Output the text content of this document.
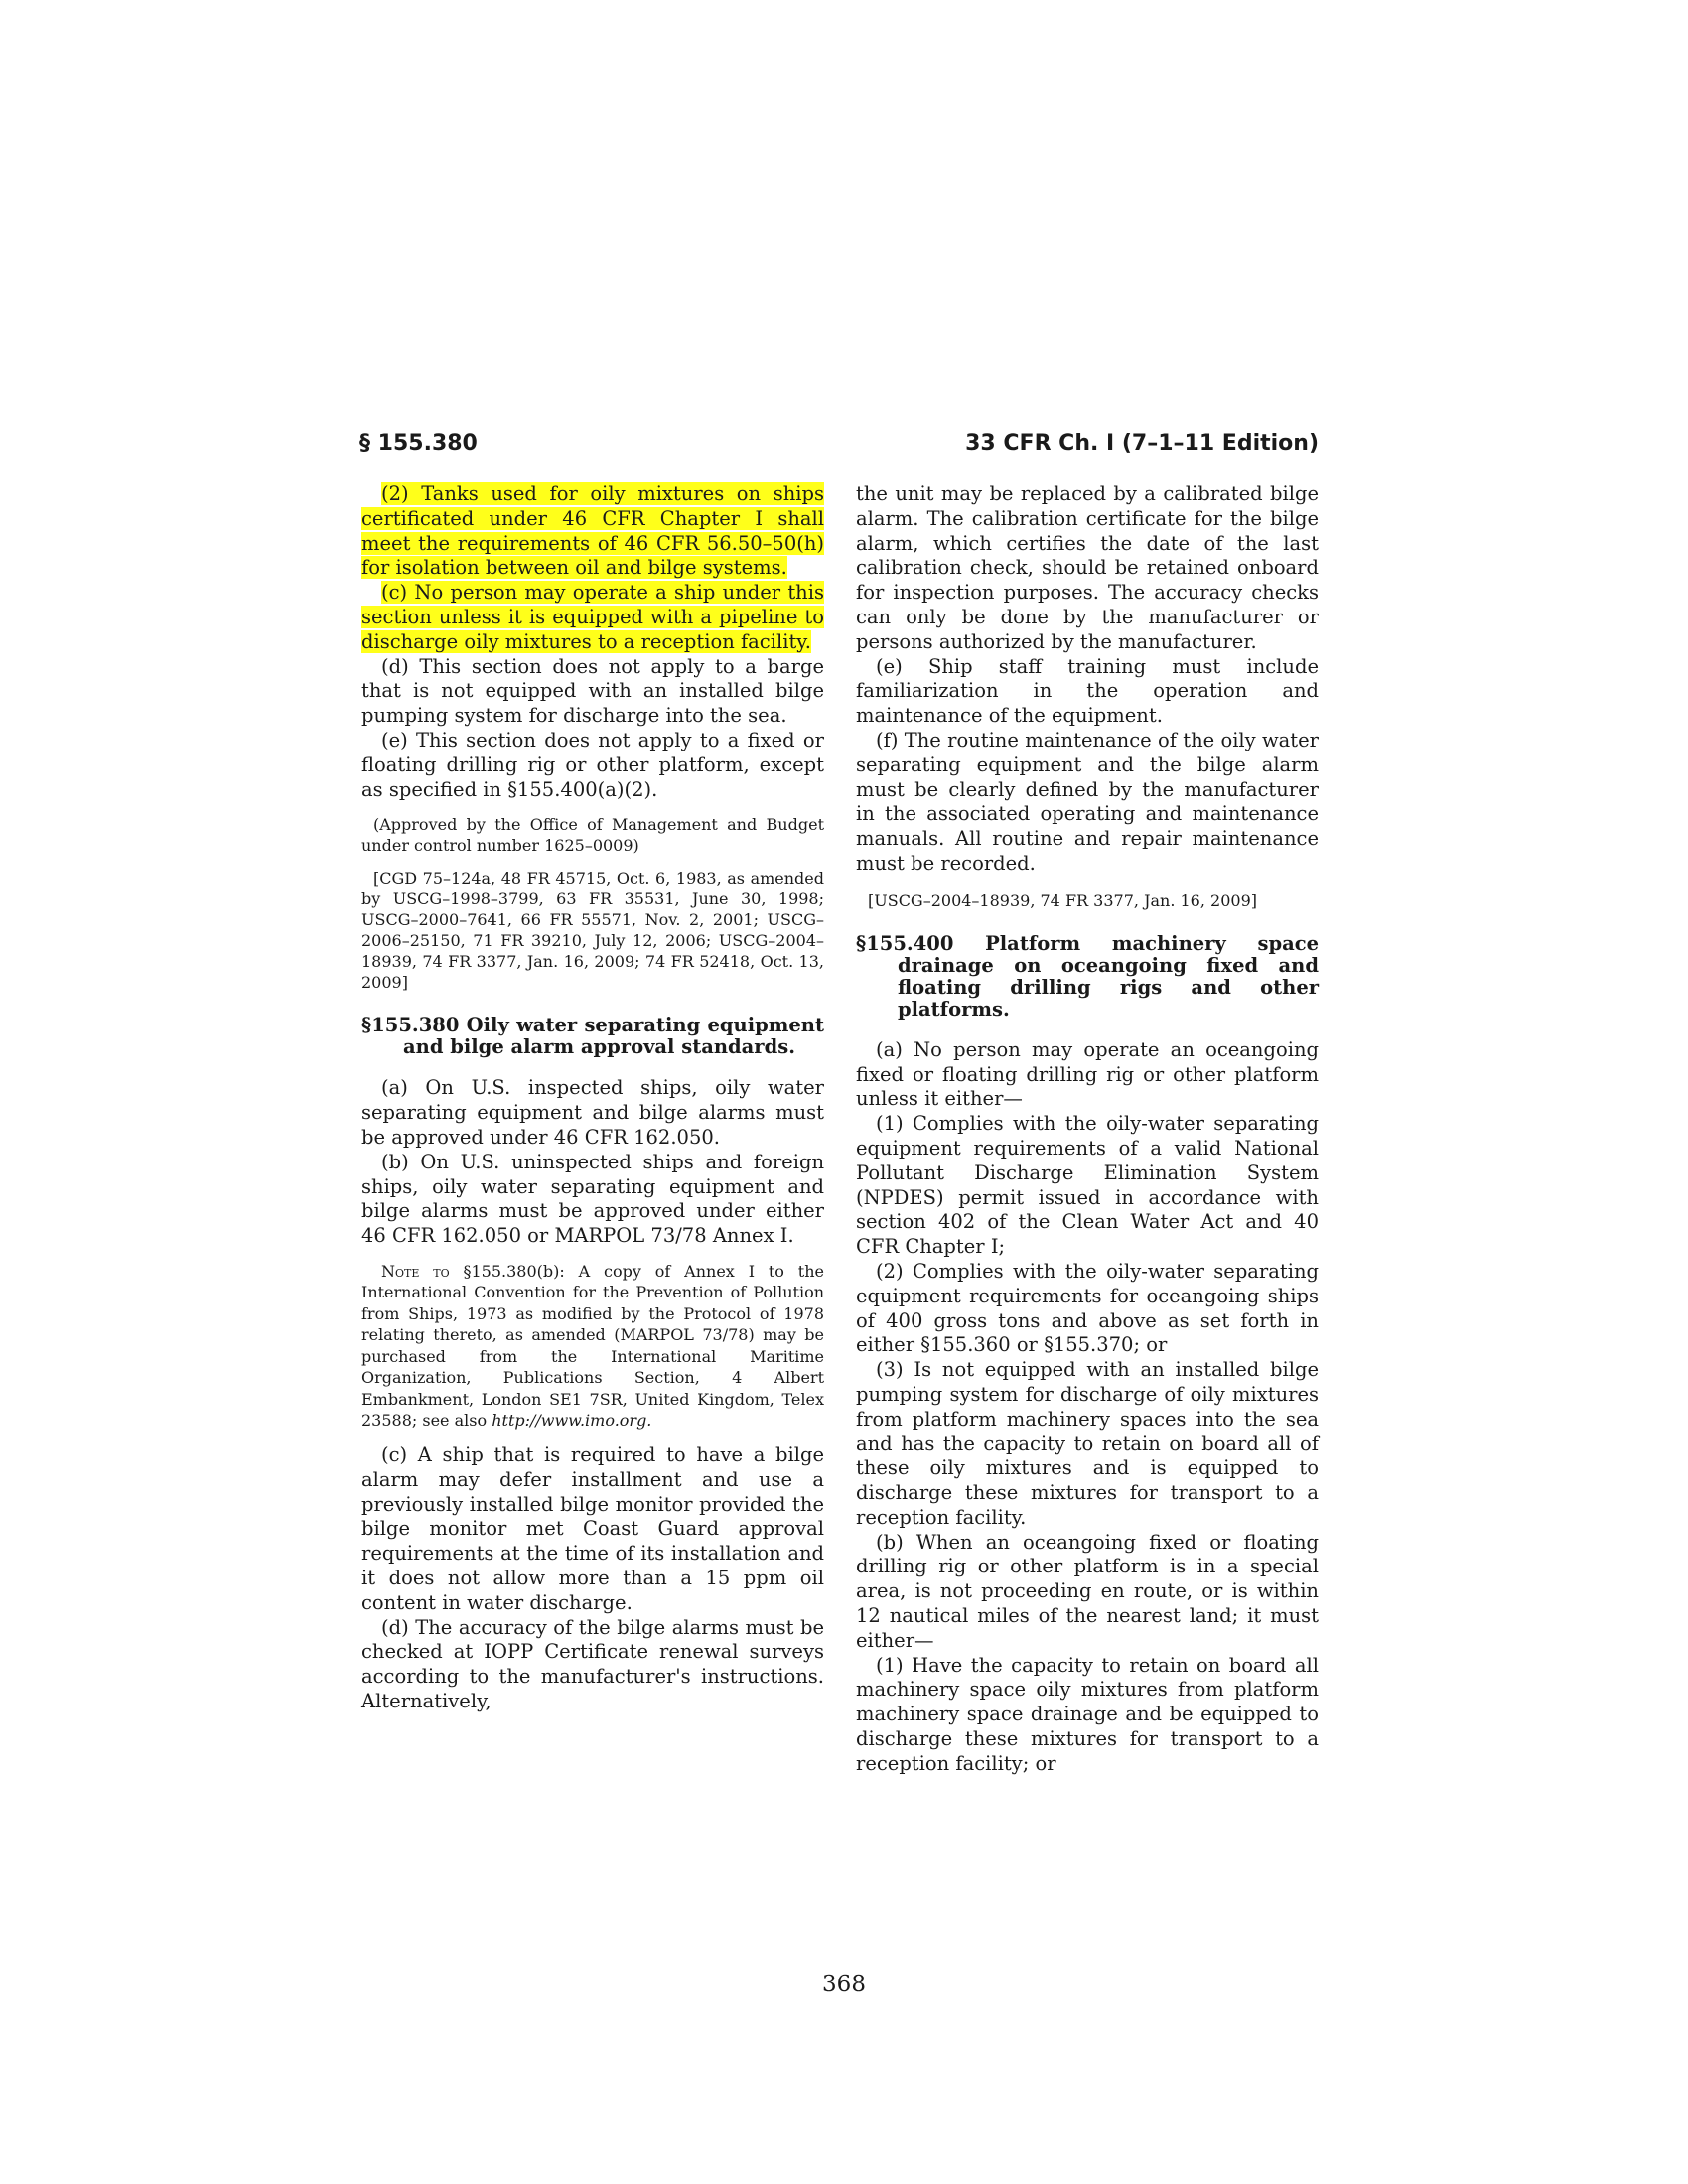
§ 155.380	33 CFR Ch. I (7–1–11 Edition)

(2) Tanks used for oily mixtures on ships certificated under 46 CFR Chapter I shall meet the requirements of 46 CFR 56.50–50(h) for isolation between oil and bilge systems.

(c) No person may operate a ship under this section unless it is equipped with a pipeline to discharge oily mixtures to a reception facility.

(d) This section does not apply to a barge that is not equipped with an installed bilge pumping system for discharge into the sea.

(e) This section does not apply to a fixed or floating drilling rig or other platform, except as specified in §155.400(a)(2).

(Approved by the Office of Management and Budget under control number 1625–0009)

[CGD 75–124a, 48 FR 45715, Oct. 6, 1983, as amended by USCG–1998–3799, 63 FR 35531, June 30, 1998; USCG–2000–7641, 66 FR 55571, Nov. 2, 2001; USCG–2006–25150, 71 FR 39210, July 12, 2006; USCG–2004–18939, 74 FR 3377, Jan. 16, 2009; 74 FR 52418, Oct. 13, 2009]

§155.380 Oily water separating equipment and bilge alarm approval standards.

(a) On U.S. inspected ships, oily water separating equipment and bilge alarms must be approved under 46 CFR 162.050.

(b) On U.S. uninspected ships and foreign ships, oily water separating equipment and bilge alarms must be approved under either 46 CFR 162.050 or MARPOL 73/78 Annex I.

Note to §155.380(b): A copy of Annex I to the International Convention for the Prevention of Pollution from Ships, 1973 as modified by the Protocol of 1978 relating thereto, as amended (MARPOL 73/78) may be purchased from the International Maritime Organization, Publications Section, 4 Albert Embankment, London SE1 7SR, United Kingdom, Telex 23588; see also http://www.imo.org.

(c) A ship that is required to have a bilge alarm may defer installment and use a previously installed bilge monitor provided the bilge monitor met Coast Guard approval requirements at the time of its installation and it does not allow more than a 15 ppm oil content in water discharge.

(d) The accuracy of the bilge alarms must be checked at IOPP Certificate renewal surveys according to the manufacturer's instructions. Alternatively,

the unit may be replaced by a calibrated bilge alarm. The calibration certificate for the bilge alarm, which certifies the date of the last calibration check, should be retained onboard for inspection purposes. The accuracy checks can only be done by the manufacturer or persons authorized by the manufacturer.

(e) Ship staff training must include familiarization in the operation and maintenance of the equipment.

(f) The routine maintenance of the oily water separating equipment and the bilge alarm must be clearly defined by the manufacturer in the associated operating and maintenance manuals. All routine and repair maintenance must be recorded.

[USCG–2004–18939, 74 FR 3377, Jan. 16, 2009]

§155.400 Platform machinery space drainage on oceangoing fixed and floating drilling rigs and other platforms.

(a) No person may operate an oceangoing fixed or floating drilling rig or other platform unless it either—

(1) Complies with the oily-water separating equipment requirements of a valid National Pollutant Discharge Elimination System (NPDES) permit issued in accordance with section 402 of the Clean Water Act and 40 CFR Chapter I;

(2) Complies with the oily-water separating equipment requirements for oceangoing ships of 400 gross tons and above as set forth in either §155.360 or §155.370; or

(3) Is not equipped with an installed bilge pumping system for discharge of oily mixtures from platform machinery spaces into the sea and has the capacity to retain on board all of these oily mixtures and is equipped to discharge these mixtures for transport to a reception facility.

(b) When an oceangoing fixed or floating drilling rig or other platform is in a special area, is not proceeding en route, or is within 12 nautical miles of the nearest land; it must either—

(1) Have the capacity to retain on board all machinery space oily mixtures from platform machinery space drainage and be equipped to discharge these mixtures for transport to a reception facility; or

368
